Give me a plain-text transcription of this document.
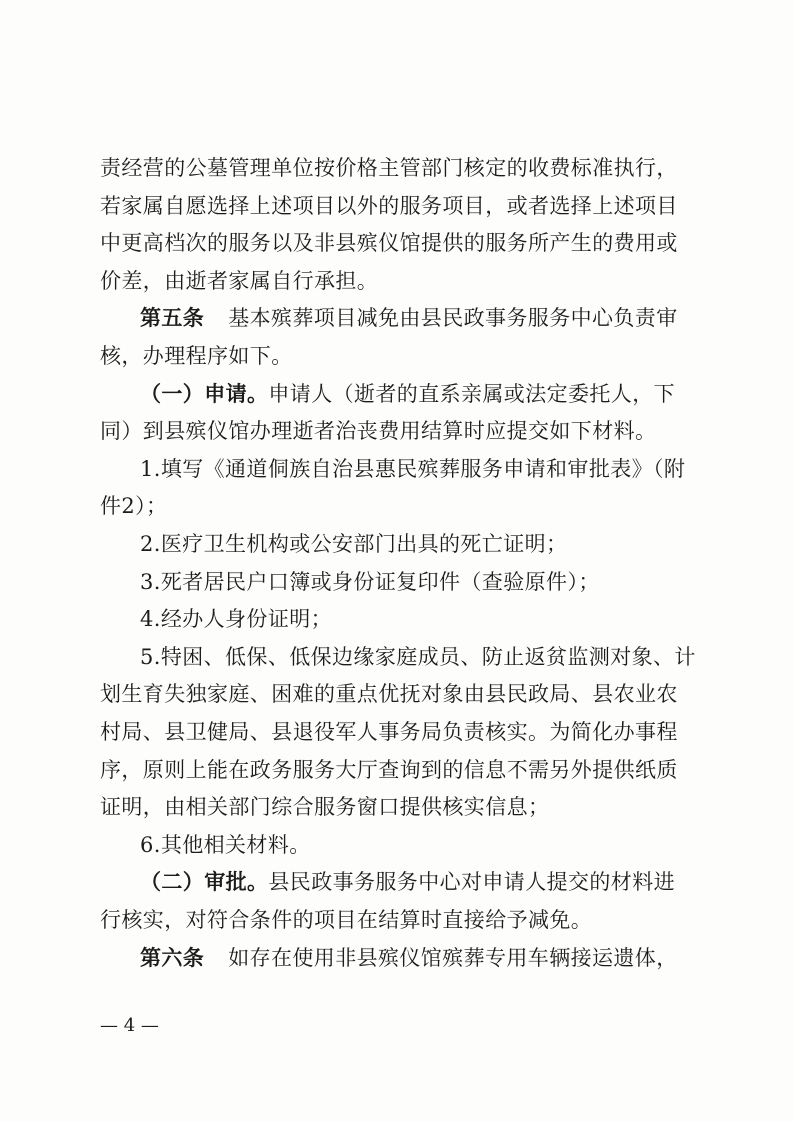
责经营的公墓管理单位按价格主管部门核定的收费标准执行，
若家属自愿选择上述项目以外的服务项目，或者选择上述项目
中更高档次的服务以及非县殡仪馆提供的服务所产生的费用或
价差，由逝者家属自行承担。
第五条 基本殡葬项目减免由县民政事务服务中心负责审
核，办理程序如下。
（一）申请。申请人（逝者的直系亲属或法定委托人，下
同）到县殡仪馆办理逝者治丧费用结算时应提交如下材料。
1.填写《通道侗族自治县惠民殡葬服务申请和审批表》（附
件2）；
2.医疗卫生机构或公安部门出具的死亡证明；
3.死者居民户口簿或身份证复印件（查验原件）；
4.经办人身份证明；
5.特困、低保、低保边缘家庭成员、防止返贫监测对象、计
划生育失独家庭、困难的重点优抚对象由县民政局、县农业农
村局、县卫健局、县退役军人事务局负责核实。为简化办事程
序，原则上能在政务服务大厅查询到的信息不需另外提供纸质
证明，由相关部门综合服务窗口提供核实信息；
6.其他相关材料。
（二）审批。县民政事务服务中心对申请人提交的材料进
行核实，对符合条件的项目在结算时直接给予减免。
第六条 如存在使用非县殡仪馆殡葬专用车辆接运遗体，
— 4 —
